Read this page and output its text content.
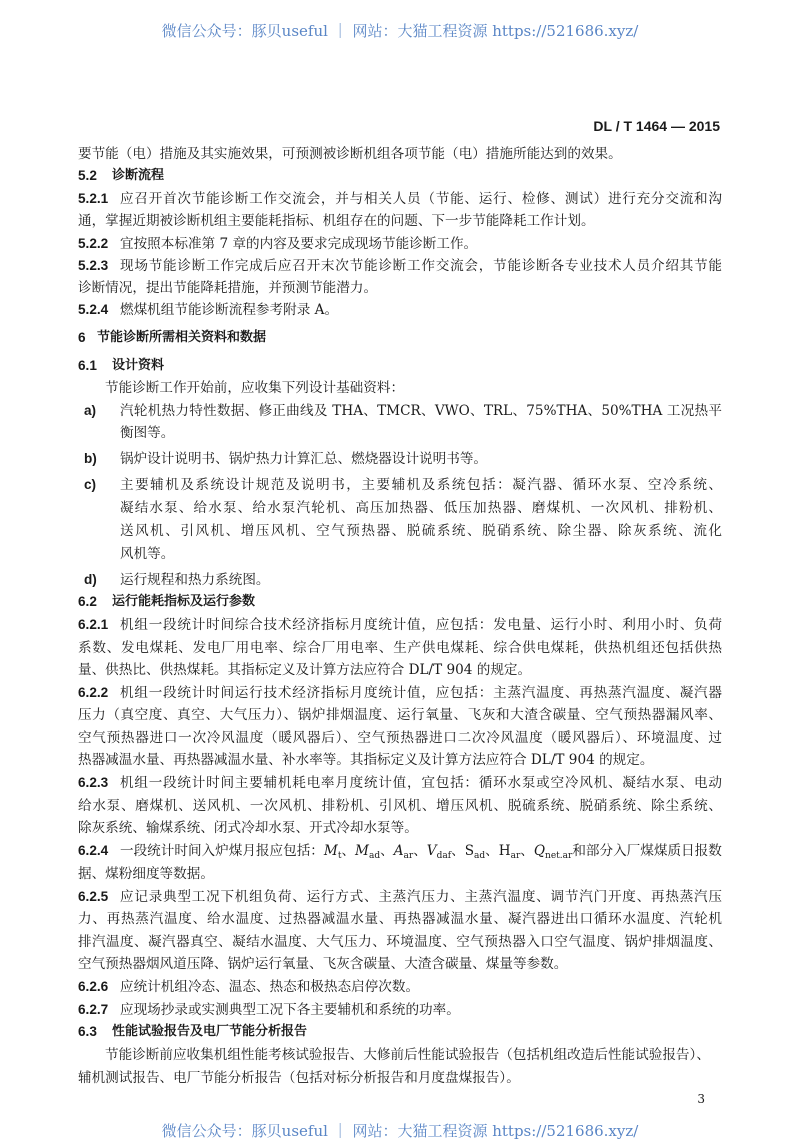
微信公众号：豚贝useful ｜ 网站：大猫工程资源 https://521686.xyz/
DL / T 1464 — 2015
要节能（电）措施及其实施效果，可预测被诊断机组各项节能（电）措施所能达到的效果。
5.2 诊断流程
5.2.1 应召开首次节能诊断工作交流会，并与相关人员（节能、运行、检修、测试）进行充分交流和沟
通，掌握近期被诊断机组主要能耗指标、机组存在的问题、下一步节能降耗工作计划。
5.2.2 宜按照本标准第 7 章的内容及要求完成现场节能诊断工作。
5.2.3 现场节能诊断工作完成后应召开末次节能诊断工作交流会，节能诊断各专业技术人员介绍其节能
诊断情况，提出节能降耗措施，并预测节能潜力。
5.2.4 燃煤机组节能诊断流程参考附录 A。
6 节能诊断所需相关资料和数据
6.1 设计资料
节能诊断工作开始前，应收集下列设计基础资料：
a) 汽轮机热力特性数据、修正曲线及 THA、TMCR、VWO、TRL、75%THA、50%THA 工况热平
衡图等。
b) 锅炉设计说明书、锅炉热力计算汇总、燃烧器设计说明书等。
c) 主要辅机及系统设计规范及说明书，主要辅机及系统包括：凝汽器、循环水泵、空冷系统、
凝结水泵、给水泵、给水泵汽轮机、高压加热器、低压加热器、磨煤机、一次风机、排粉机、
送风机、引风机、增压风机、空气预热器、脱硫系统、脱硝系统、除尘器、除灰系统、流化
风机等。
d) 运行规程和热力系统图。
6.2 运行能耗指标及运行参数
6.2.1 机组一段统计时间综合技术经济指标月度统计值，应包括：发电量、运行小时、利用小时、负荷
系数、发电煤耗、发电厂用电率、综合厂用电率、生产供电煤耗、综合供电煤耗，供热机组还包括供热
量、供热比、供热煤耗。其指标定义及计算方法应符合 DL/T 904 的规定。
6.2.2 机组一段统计时间运行技术经济指标月度统计值，应包括：主蒸汽温度、再热蒸汽温度、凝汽器
压力（真空度、真空、大气压力）、锅炉排烟温度、运行氧量、飞灰和大渣含碳量、空气预热器漏风率、
空气预热器进口一次冷风温度（暖风器后）、空气预热器进口二次冷风温度（暖风器后）、环境温度、过
热器减温水量、再热器减温水量、补水率等。其指标定义及计算方法应符合 DL/T 904 的规定。
6.2.3 机组一段统计时间主要辅机耗电率月度统计值，宜包括：循环水泵或空冷风机、凝结水泵、电动
给水泵、磨煤机、送风机、一次风机、排粉机、引风机、增压风机、脱硫系统、脱硝系统、除尘系统、
除灰系统、输煤系统、闭式冷却水泵、开式冷却水泵等。
6.2.4 一段统计时间入炉煤月报应包括：$M_t$、$M_{ad}$、$A_{ar}$、$V_{daf}$、$S_{ad}$、$H_{ar}$、$Q_{net.ar}$和部分入厂煤煤质日报数
据、煤粉细度等数据。
6.2.5 应记录典型工况下机组负荷、运行方式、主蒸汽压力、主蒸汽温度、调节汽门开度、再热蒸汽压
力、再热蒸汽温度、给水温度、过热器减温水量、再热器减温水量、凝汽器进出口循环水温度、汽轮机
排汽温度、凝汽器真空、凝结水温度、大气压力、环境温度、空气预热器入口空气温度、锅炉排烟温度、
空气预热器烟风道压降、锅炉运行氧量、飞灰含碳量、大渣含碳量、煤量等参数。
6.2.6 应统计机组冷态、温态、热态和极热态启停次数。
6.2.7 应现场抄录或实测典型工况下各主要辅机和系统的功率。
6.3 性能试验报告及电厂节能分析报告
节能诊断前应收集机组性能考核试验报告、大修前后性能试验报告（包括机组改造后性能试验报告）、
辅机测试报告、电厂节能分析报告（包括对标分析报告和月度盘煤报告）。
3
微信公众号：豚贝useful ｜ 网站：大猫工程资源 https://521686.xyz/
